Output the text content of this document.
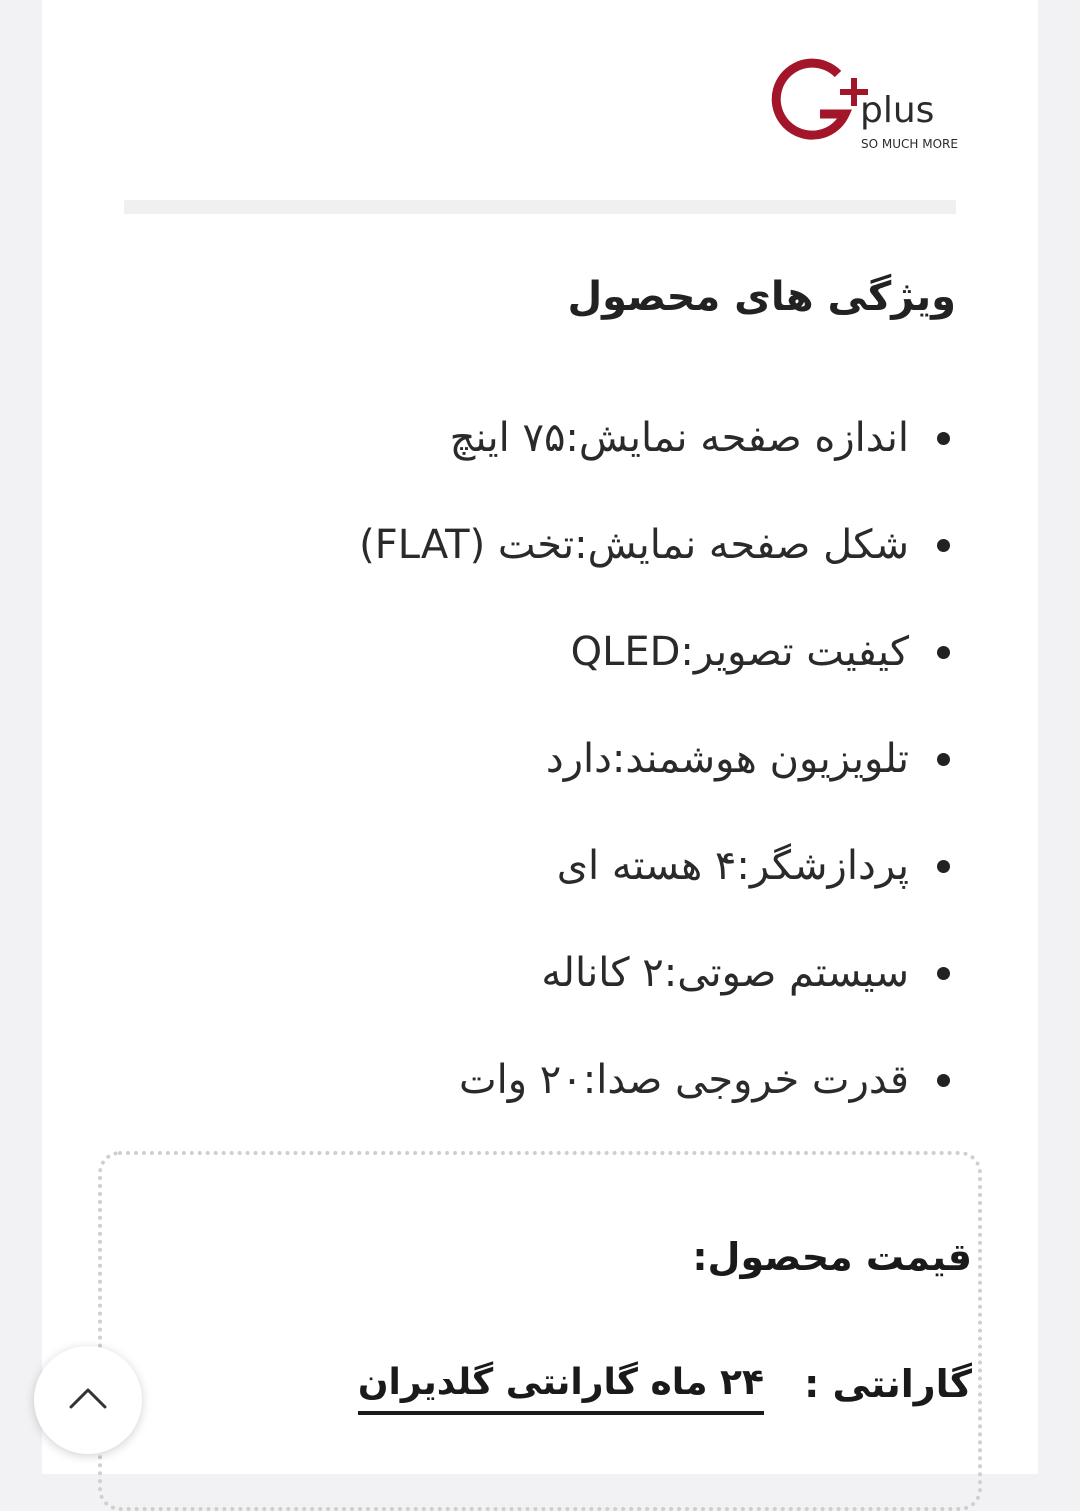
plus
SO MUCH MORE
ویژگی های محصول
اندازه صفحه نمایش:۷۵ اینچ
شکل صفحه نمایش:تخت (FLAT)
کیفیت تصویر:QLED
تلویزیون هوشمند:دارد
پردازشگر:۴ هسته ای
سیستم صوتی:۲ کاناله
قدرت خروجی صدا:۲۰ وات
قیمت محصول:
گارانتی :
۲۴ ماه گارانتی گلدیران
